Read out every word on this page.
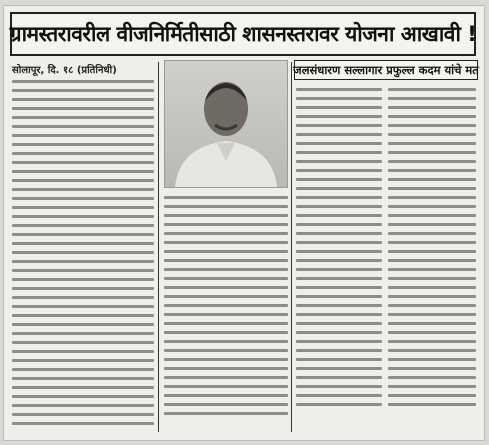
ग्रामस्तरावरील वीजनिर्मितीसाठी शासनस्तरावर योजना आखावी !
सोलापूर, दि. १८ (प्रतिनिधी)	जलसंधारण सल्लागार प्रफुल्ल कदम यांचे मत
